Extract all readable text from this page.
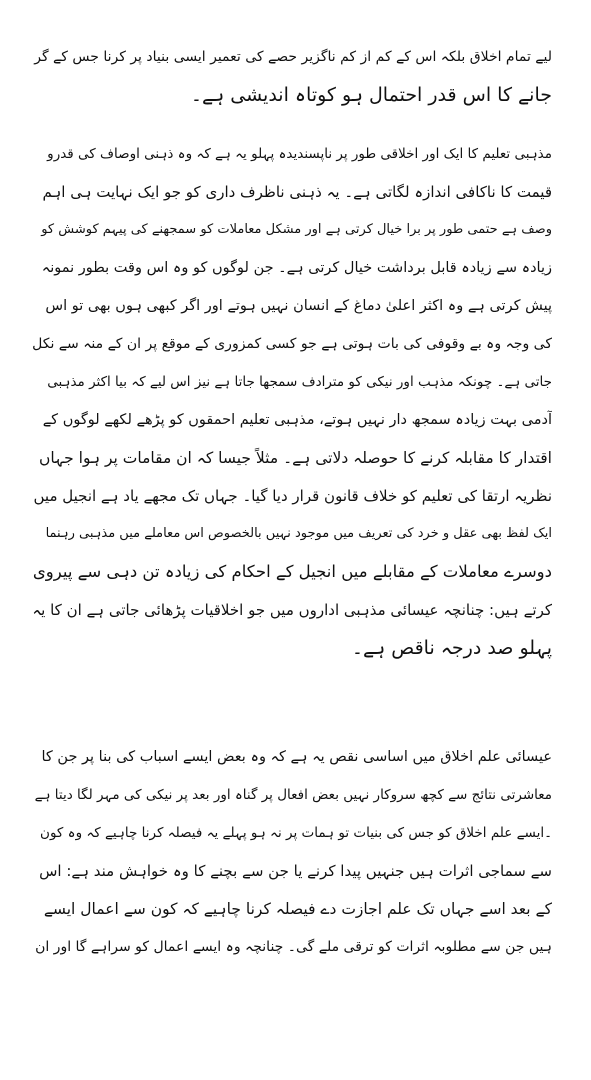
لیے تمام اخلاق بلکہ اس کے کم از کم ناگزیر حصے کی تعمیر ایسی بنیاد پر کرنا جس کے گر
جانے کا اس قدر احتمال ہو کوتاہ اندیشی ہے۔
مذہبی تعلیم کا ایک اور اخلاقی طور پر ناپسندیدہ پہلو یہ ہے کہ وہ ذہنی اوصاف کی قدرو
قیمت کا ناکافی اندازہ لگاتی ہے۔ یہ ذہنی ناظرف داری کو جو ایک نہایت ہی اہم
وصف ہے حتمی طور پر برا خیال کرتی ہے اور مشکل معاملات کو سمجھنے کی پیہم کوشش کو
زیادہ سے زیادہ قابل برداشت خیال کرتی ہے۔ جن لوگوں کو وہ اس وقت بطور نمونہ
پیش کرتی ہے وہ اکثر اعلیٰ دماغ کے انسان نہیں ہوتے اور اگر کبھی ہوں بھی تو اس
کی وجہ وہ بے وقوفی کی بات ہوتی ہے جو کسی کمزوری کے موقع پر ان کے منہ سے نکل
جاتی ہے۔ چونکہ مذہب اور نیکی کو مترادف سمجھا جاتا ہے نیز اس لیے کہ بیا اکثر مذہبی
آدمی بہت زیادہ سمجھ دار نہیں ہوتے، مذہبی تعلیم احمقوں کو پڑھے لکھے لوگوں کے
اقتدار کا مقابلہ کرنے کا حوصلہ دلاتی ہے۔ مثلاً جیسا کہ ان مقامات پر ہوا جہاں
نظریہ ارتقا کی تعلیم کو خلاف قانون قرار دیا گیا۔ جہاں تک مجھے یاد ہے انجیل میں
ایک لفظ بھی عقل و خرد کی تعریف میں موجود نہیں بالخصوص اس معاملے میں مذہبی رہنما
دوسرے معاملات کے مقابلے میں انجیل کے احکام کی زیادہ تن دہی سے پیروی
کرتے ہیں: چنانچہ عیسائی مذہبی اداروں میں جو اخلاقیات پڑھائی جاتی ہے ان کا یہ
پہلو صد درجہ ناقص ہے۔
عیسائی علم اخلاق میں اساسی نقص یہ ہے کہ وہ بعض ایسے اسباب کی بنا پر جن کا
معاشرتی نتائج سے کچھ سروکار نہیں بعض افعال پر گناہ اور بعد پر نیکی کی مہر لگا دیتا ہے
۔ایسے علم اخلاق کو جس کی بنیات تو ہمات پر نہ ہو پہلے یہ فیصلہ کرنا چاہیے کہ وہ کون
سے سماجی اثرات ہیں جنہیں پیدا کرنے یا جن سے بچنے کا وہ خواہش مند ہے: اس
کے بعد اسے جہاں تک علم اجازت دے فیصلہ کرنا چاہیے کہ کون سے اعمال ایسے
ہیں جن سے مطلوبہ اثرات کو ترقی ملے گی۔ چنانچہ وہ ایسے اعمال کو سراہے گا اور ان
